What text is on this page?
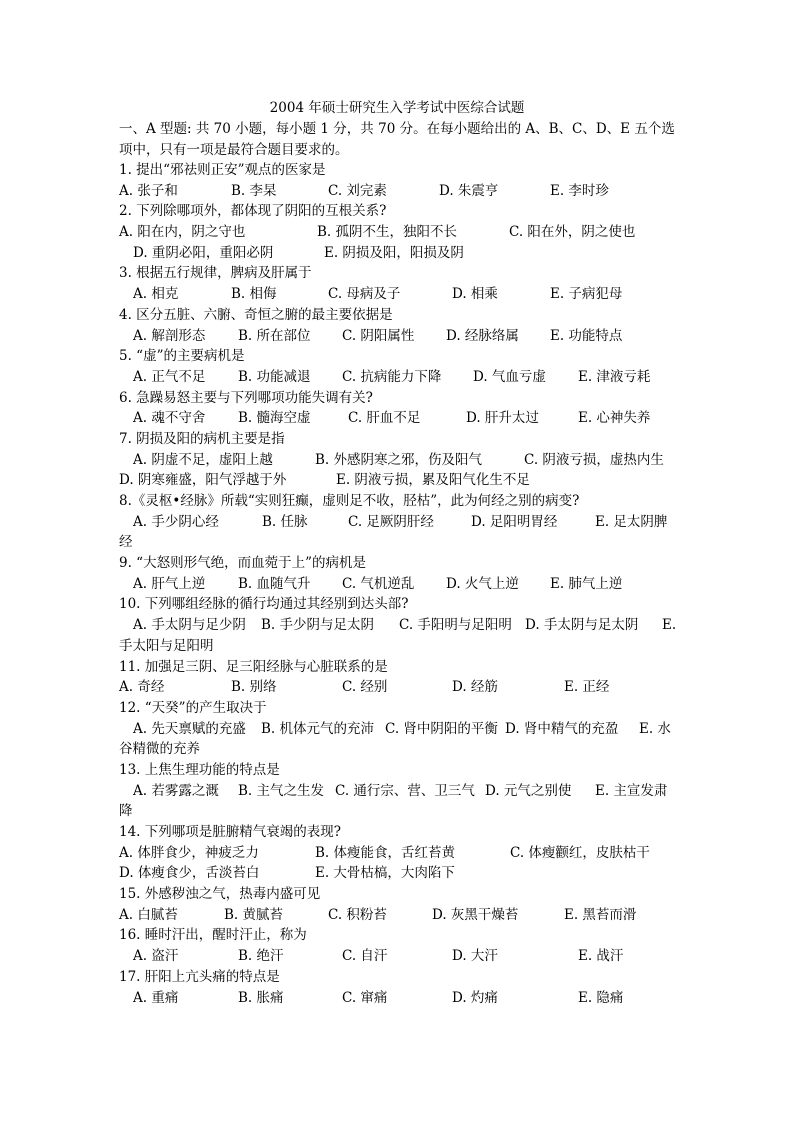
2004 年硕士研究生入学考试中医综合试题
一、A 型题: 共 70 小题，每小题 1 分，共 70 分。在每小题给出的 A、B、C、D、E 五个选项中，只有一项是最符合题目要求的。
1. 提出“邪祛则正安”观点的医家是
A. 张子和	B. 李杲	C. 刘完素	D. 朱震亨	E. 李时珍
2. 下列除哪项外，都体现了阴阳的互根关系?
A. 阳在内，阴之守也	B. 孤阴不生，独阳不长	C. 阳在外，阴之使也
D. 重阴必阳，重阳必阴	E. 阴损及阳，阳损及阴
3. 根据五行规律，脾病及肝属于
A. 相克	B. 相侮	C. 母病及子	D. 相乘	E. 子病犯母
4. 区分五脏、六腑、奇恒之腑的最主要依据是
A. 解剖形态 B. 所在部位 C. 阴阳属性 D. 经脉络属 E. 功能特点
5. “虚”的主要病机是
A. 正气不足 B. 功能减退 C. 抗病能力下降 D. 气血亏虚 E. 津液亏耗
6. 急躁易怒主要与下列哪项功能失调有关?
A. 魂不守舍 B. 髓海空虚	C. 肝血不足	D. 肝升太过	E. 心神失养
7. 阴损及阳的病机主要是指
A. 阴虚不足，虚阳上越	B. 外感阴寒之邪，伤及阳气	C. 阴液亏损，虚热内生
D. 阴寒雍盛，阳气浮越于外	E. 阴液亏损，累及阳气化生不足
8.《灵枢•经脉》所载“实则狂癫，虚则足不收，胫枯”，此为何经之别的病变?
A. 手少阴心经	B. 任脉	C. 足厥阴肝经	D. 足阳明胃经	E. 足太阴脾
经
9. “大怒则形气绝，而血菀于上”的病机是
A. 肝气上逆 B. 血随气升 C. 气机逆乱 D. 火气上逆 E. 肺气上逆
10. 下列哪组经脉的循行均通过其经别到达头部?
A. 手太阴与足少阴 B. 手少阴与足太阴 C. 手阳明与足阳明 D. 手太阴与足太阴 E.
手太阳与足阳明
11. 加强足三阴、足三阳经脉与心脏联系的是
A. 奇经	B. 别络	C. 经别	D. 经筋	E. 正经
12. “天癸”的产生取决于
A. 先天禀赋的充盛 B. 机体元气的充沛 C. 肾中阴阳的平衡 D. 肾中精气的充盈 E. 水
谷精微的充养
13. 上焦生理功能的特点是
A. 若雾露之溉 B. 主气之生发 C. 通行宗、营、卫三气 D. 元气之别使 E. 主宣发肃
降
14. 下列哪项是脏腑精气衰竭的表现?
A. 体胖食少，神疲乏力	B. 体瘦能食，舌红苔黄	C. 体瘦颧红，皮肤枯干
D. 体瘦食少，舌淡苔白	E. 大骨枯槁，大肉陷下
15. 外感秽浊之气，热毒内盛可见
A. 白腻苔	B. 黄腻苔	C. 积粉苔	D. 灰黑干燥苔	E. 黑苔而滑
16. 睡时汗出，醒时汗止，称为
A. 盗汗	B. 绝汗	C. 自汗	D. 大汗	E. 战汗
17. 肝阳上亢头痛的特点是
A. 重痛	B. 胀痛	C. 窜痛	D. 灼痛	E. 隐痛
